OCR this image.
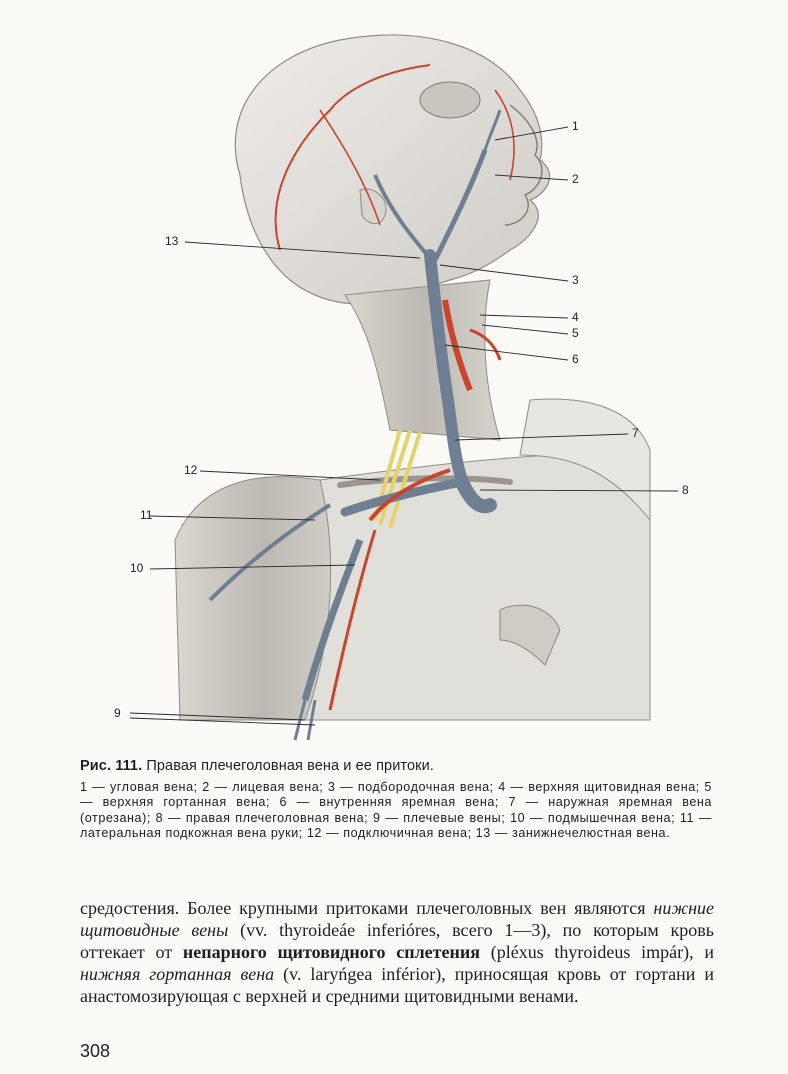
1
2
3
4
5
6
7
8
9
10
11
12
13

Рис. 111. Правая плечеголовная вена и ее притоки.

1 — угловая вена; 2 — лицевая вена; 3 — подбородочная вена; 4 — верхняя щитовидная вена; 5 — верхняя гортанная вена; 6 — внутренняя яремная вена; 7 — наружная яремная вена (отрезана); 8 — правая плечеголовная вена; 9 — плечевые вены; 10 — подмышечная вена; 11 — латеральная подкожная вена руки; 12 — подключичная вена; 13 — занижнечелюстная вена.

средостения. Более крупными притоками плечеголовных вен являются нижние щитовидные вены (vv. thyroideáe inferióres, всего 1—3), по которым кровь оттекает от непарного щитовидного сплетения (pléxus thyroideus impár), и нижняя гортанная вена (v. laryńgea inférior), приносящая кровь от гортани и анастомозирующая с верхней и средними щитовидными венами.

308
